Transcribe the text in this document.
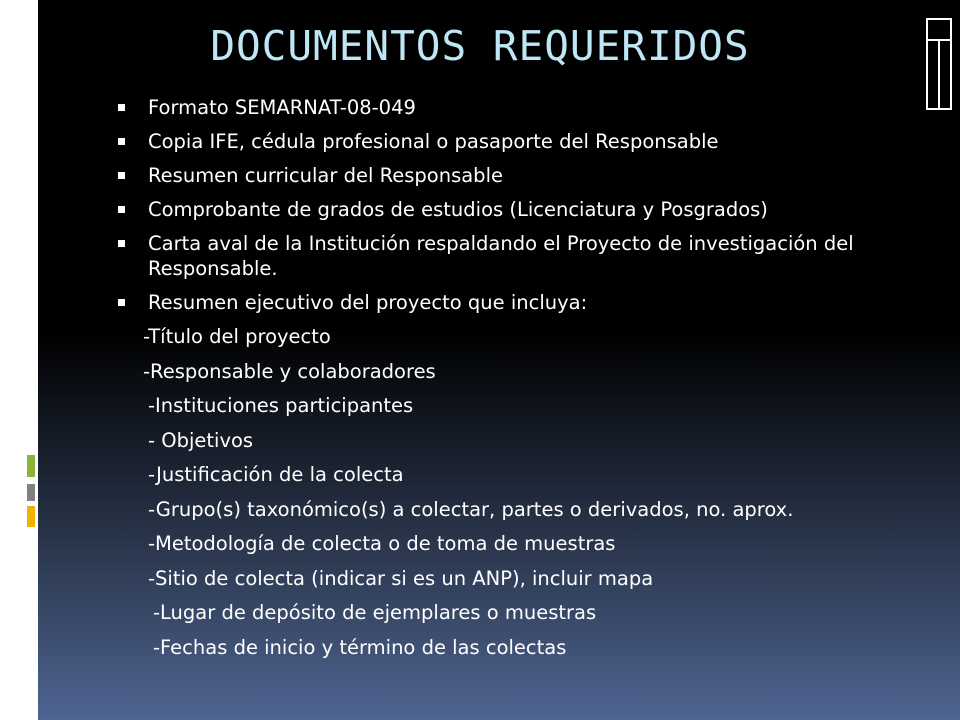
DOCUMENTOS REQUERIDOS
Formato SEMARNAT-08-049
Copia IFE, cédula profesional o pasaporte del Responsable
Resumen curricular del Responsable
Comprobante de grados de estudios (Licenciatura y Posgrados)
Carta aval de la Institución respaldando el Proyecto de investigación del Responsable.
Resumen ejecutivo del proyecto que incluya:
-Título del proyecto
-Responsable y colaboradores
-Instituciones participantes
- Objetivos
-Justificación de la colecta
-Grupo(s) taxonómico(s) a colectar, partes o derivados, no. aprox.
-Metodología de colecta o de toma de muestras
-Sitio de colecta (indicar si es un ANP), incluir mapa
-Lugar de depósito de ejemplares o muestras
-Fechas de inicio y término de las colectas
